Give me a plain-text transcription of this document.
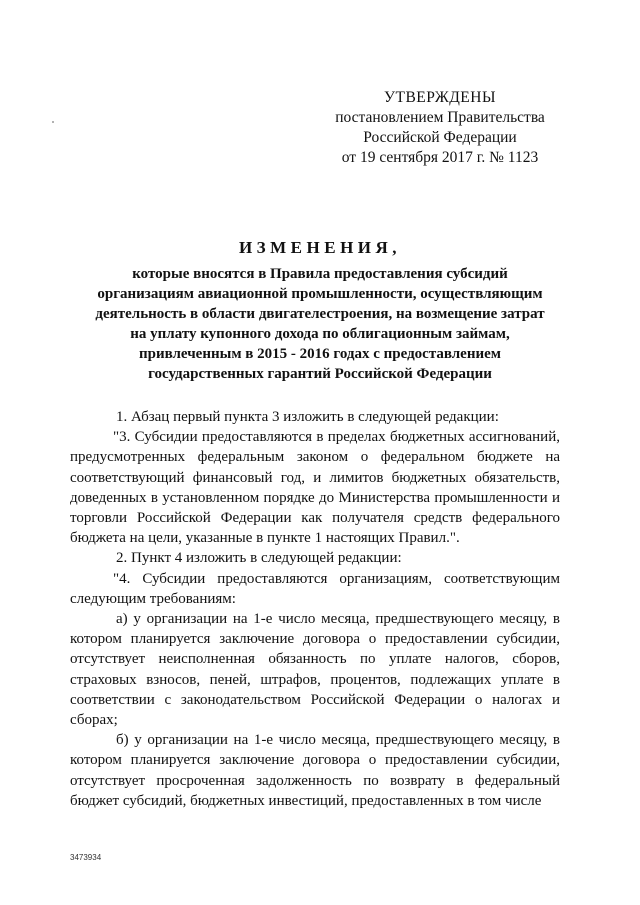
УТВЕРЖДЕНЫ
постановлением Правительства
Российской Федерации
от 19 сентября 2017 г. № 1123
ИЗМЕНЕНИЯ,
которые вносятся в Правила предоставления субсидий
организациям авиационной промышленности, осуществляющим
деятельность в области двигателестроения, на возмещение затрат
на уплату купонного дохода по облигационным займам,
привлеченным в 2015 - 2016 годах с предоставлением
государственных гарантий Российской Федерации

1. Абзац первый пункта 3 изложить в следующей редакции:

"3. Субсидии предоставляются в пределах бюджетных ассигнований, предусмотренных федеральным законом о федеральном бюджете на соответствующий финансовый год, и лимитов бюджетных обязательств, доведенных в установленном порядке до Министерства промышленности и торговли Российской Федерации как получателя средств федерального бюджета на цели, указанные в пункте 1 настоящих Правил.".

2. Пункт 4 изложить в следующей редакции:

"4. Субсидии предоставляются организациям, соответствующим следующим требованиям:

а) у организации на 1-е число месяца, предшествующего месяцу, в котором планируется заключение договора о предоставлении субсидии, отсутствует неисполненная обязанность по уплате налогов, сборов, страховых взносов, пеней, штрафов, процентов, подлежащих уплате в соответствии с законодательством Российской Федерации о налогах и сборах;

б) у организации на 1-е число месяца, предшествующего месяцу, в котором планируется заключение договора о предоставлении субсидии, отсутствует просроченная задолженность по возврату в федеральный бюджет субсидий, бюджетных инвестиций, предоставленных в том числе

3473934
